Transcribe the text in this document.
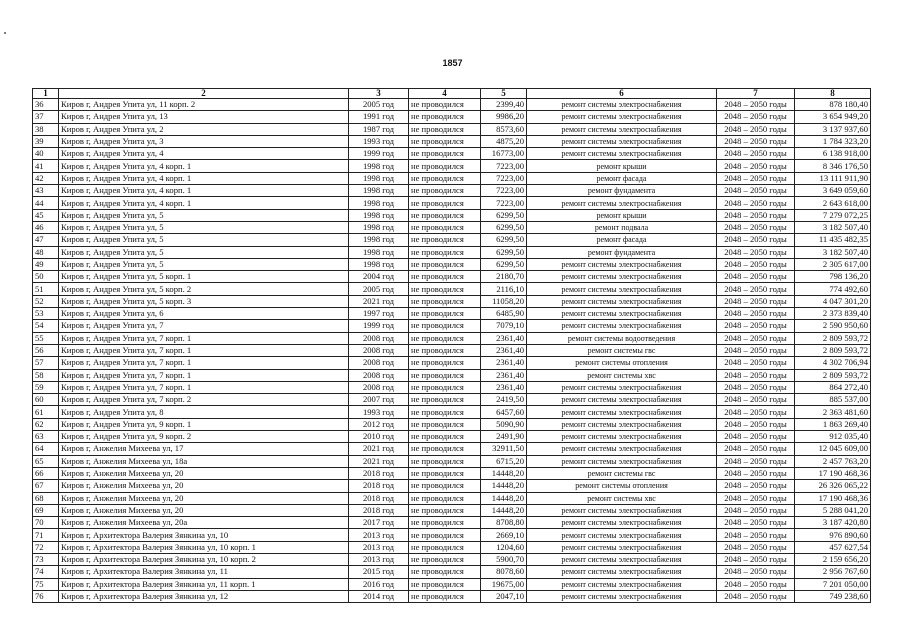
1857
1	2	3	4	5	6	7	8
36	Киров г, Андрея Упита ул, 11 корп. 2	2005 год	не проводился	2399,40	ремонт системы электроснабжения	2048 – 2050 годы	878 180,40
37	Киров г, Андрея Упита ул, 13	1991 год	не проводился	9986,20	ремонт системы электроснабжения	2048 – 2050 годы	3 654 949,20
38	Киров г, Андрея Упита ул, 2	1987 год	не проводился	8573,60	ремонт системы электроснабжения	2048 – 2050 годы	3 137 937,60
39	Киров г, Андрея Упита ул, 3	1993 год	не проводился	4875,20	ремонт системы электроснабжения	2048 – 2050 годы	1 784 323,20
40	Киров г, Андрея Упита ул, 4	1999 год	не проводился	16773,00	ремонт системы электроснабжения	2048 – 2050 годы	6 138 918,00
41	Киров г, Андрея Упита ул, 4 корп. 1	1998 год	не проводился	7223,00	ремонт крыши	2048 – 2050 годы	8 346 176,50
42	Киров г, Андрея Упита ул, 4 корп. 1	1998 год	не проводился	7223,00	ремонт фасада	2048 – 2050 годы	13 111 911,90
43	Киров г, Андрея Упита ул, 4 корп. 1	1998 год	не проводился	7223,00	ремонт фундамента	2048 – 2050 годы	3 649 059,60
44	Киров г, Андрея Упита ул, 4 корп. 1	1998 год	не проводился	7223,00	ремонт системы электроснабжения	2048 – 2050 годы	2 643 618,00
45	Киров г, Андрея Упита ул, 5	1998 год	не проводился	6299,50	ремонт крыши	2048 – 2050 годы	7 279 072,25
46	Киров г, Андрея Упита ул, 5	1998 год	не проводился	6299,50	ремонт подвала	2048 – 2050 годы	3 182 507,40
47	Киров г, Андрея Упита ул, 5	1998 год	не проводился	6299,50	ремонт фасада	2048 – 2050 годы	11 435 482,35
48	Киров г, Андрея Упита ул, 5	1998 год	не проводился	6299,50	ремонт фундамента	2048 – 2050 годы	3 182 507,40
49	Киров г, Андрея Упита ул, 5	1998 год	не проводился	6299,50	ремонт системы электроснабжения	2048 – 2050 годы	2 305 617,00
50	Киров г, Андрея Упита ул, 5 корп. 1	2004 год	не проводился	2180,70	ремонт системы электроснабжения	2048 – 2050 годы	798 136,20
51	Киров г, Андрея Упита ул, 5 корп. 2	2005 год	не проводился	2116,10	ремонт системы электроснабжения	2048 – 2050 годы	774 492,60
52	Киров г, Андрея Упита ул, 5 корп. 3	2021 год	не проводился	11058,20	ремонт системы электроснабжения	2048 – 2050 годы	4 047 301,20
53	Киров г, Андрея Упита ул, 6	1997 год	не проводился	6485,90	ремонт системы электроснабжения	2048 – 2050 годы	2 373 839,40
54	Киров г, Андрея Упита ул, 7	1999 год	не проводился	7079,10	ремонт системы электроснабжения	2048 – 2050 годы	2 590 950,60
55	Киров г, Андрея Упита ул, 7 корп. 1	2008 год	не проводился	2361,40	ремонт системы водоотведения	2048 – 2050 годы	2 809 593,72
56	Киров г, Андрея Упита ул, 7 корп. 1	2008 год	не проводился	2361,40	ремонт системы гвс	2048 – 2050 годы	2 809 593,72
57	Киров г, Андрея Упита ул, 7 корп. 1	2008 год	не проводился	2361,40	ремонт системы отопления	2048 – 2050 годы	4 302 706,94
58	Киров г, Андрея Упита ул, 7 корп. 1	2008 год	не проводился	2361,40	ремонт системы хвс	2048 – 2050 годы	2 809 593,72
59	Киров г, Андрея Упита ул, 7 корп. 1	2008 год	не проводился	2361,40	ремонт системы электроснабжения	2048 – 2050 годы	864 272,40
60	Киров г, Андрея Упита ул, 7 корп. 2	2007 год	не проводился	2419,50	ремонт системы электроснабжения	2048 – 2050 годы	885 537,00
61	Киров г, Андрея Упита ул, 8	1993 год	не проводился	6457,60	ремонт системы электроснабжения	2048 – 2050 годы	2 363 481,60
62	Киров г, Андрея Упита ул, 9 корп. 1	2012 год	не проводился	5090,90	ремонт системы электроснабжения	2048 – 2050 годы	1 863 269,40
63	Киров г, Андрея Упита ул, 9 корп. 2	2010 год	не проводился	2491,90	ремонт системы электроснабжения	2048 – 2050 годы	912 035,40
64	Киров г, Анжелия Михеева ул, 17	2021 год	не проводился	32911,50	ремонт системы электроснабжения	2048 – 2050 годы	12 045 609,00
65	Киров г, Анжелия Михеева ул, 18а	2021 год	не проводился	6715,20	ремонт системы электроснабжения	2048 – 2050 годы	2 457 763,20
66	Киров г, Анжелия Михеева ул, 20	2018 год	не проводился	14448,20	ремонт системы гвс	2048 – 2050 годы	17 190 468,36
67	Киров г, Анжелия Михеева ул, 20	2018 год	не проводился	14448,20	ремонт системы отопления	2048 – 2050 годы	26 326 065,22
68	Киров г, Анжелия Михеева ул, 20	2018 год	не проводился	14448,20	ремонт системы хвс	2048 – 2050 годы	17 190 468,36
69	Киров г, Анжелия Михеева ул, 20	2018 год	не проводился	14448,20	ремонт системы электроснабжения	2048 – 2050 годы	5 288 041,20
70	Киров г, Анжелия Михеева ул, 20а	2017 год	не проводился	8708,80	ремонт системы электроснабжения	2048 – 2050 годы	3 187 420,80
71	Киров г, Архитектора Валерия Зянкина ул, 10	2013 год	не проводился	2669,10	ремонт системы электроснабжения	2048 – 2050 годы	976 890,60
72	Киров г, Архитектора Валерия Зянкина ул, 10 корп. 1	2013 год	не проводился	1204,60	ремонт системы электроснабжения	2048 – 2050 годы	457 627,54
73	Киров г, Архитектора Валерия Зянкина ул, 10 корп. 2	2013 год	не проводился	5900,70	ремонт системы электроснабжения	2048 – 2050 годы	2 159 656,20
74	Киров г, Архитектора Валерия Зянкина ул, 11	2015 год	не проводился	8078,60	ремонт системы электроснабжения	2048 – 2050 годы	2 956 767,60
75	Киров г, Архитектора Валерия Зянкина ул, 11 корп. 1	2016 год	не проводился	19675,00	ремонт системы электроснабжения	2048 – 2050 годы	7 201 050,00
76	Киров г, Архитектора Валерия Зянкина ул, 12	2014 год	не проводился	2047,10	ремонт системы электроснабжения	2048 – 2050 годы	749 238,60
